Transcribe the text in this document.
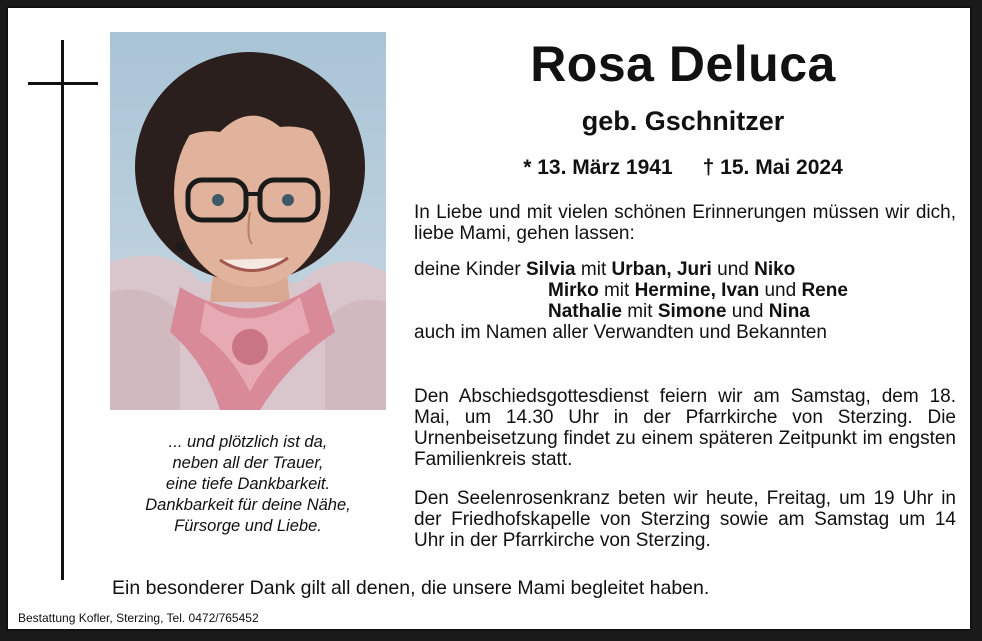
... und plötzlich ist da,
neben all der Trauer,
eine tiefe Dankbarkeit.
Dankbarkeit für deine Nähe,
Fürsorge und Liebe.
Rosa Deluca
geb. Gschnitzer
* 13. März 1941 † 15. Mai 2024
In Liebe und mit vielen schönen Erinnerungen müssen wir dich, liebe Mami, gehen lassen:
deine Kinder Silvia mit Urban, Juri und Niko
Mirko mit Hermine, Ivan und Rene
Nathalie mit Simone und Nina
auch im Namen aller Verwandten und Bekannten
Den Abschiedsgottesdienst feiern wir am Samstag, dem 18. Mai, um 14.30 Uhr in der Pfarrkirche von Sterzing. Die Urnenbeisetzung findet zu einem späteren Zeitpunkt im engsten Familienkreis statt.
Den Seelenrosenkranz beten wir heute, Freitag, um 19 Uhr in der Friedhofskapelle von Sterzing sowie am Samstag um 14 Uhr in der Pfarrkirche von Sterzing.
Ein besonderer Dank gilt all denen, die unsere Mami begleitet haben.
Bestattung Kofler, Sterzing, Tel. 0472/765452
